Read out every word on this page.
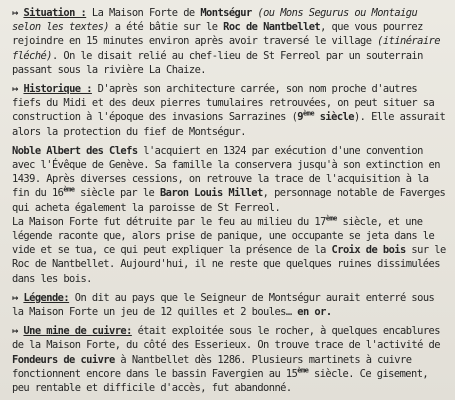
↦ Situation : La Maison Forte de Montségur (ou Mons Segurus ou Montaigu selon les textes) a été bâtie sur le Roc de Nantbellet, que vous pourrez rejoindre en 15 minutes environ après avoir traversé le village (itinéraire fléché). On le disait relié au chef-lieu de St Ferreol par un souterrain passant sous la rivière La Chaize.

↦ Historique : D'après son architecture carrée, son nom proche d'autres fiefs du Midi et des deux pierres tumulaires retrouvées, on peut situer sa construction à l'époque des invasions Sarrazines (9ème siècle). Elle assurait alors la protection du fief de Montségur.

Noble Albert des Clefs l'acquiert en 1324 par exécution d'une convention avec l'Évêque de Genève. Sa famille la conservera jusqu'à son extinction en 1439. Après diverses cessions, on retrouve la trace de l'acquisition à la fin du 16ème siècle par le Baron Louis Millet, personnage notable de Faverges qui acheta également la paroisse de St Ferreol.

La Maison Forte fut détruite par le feu au milieu du 17ème siècle, et une légende raconte que, alors prise de panique, une occupante se jeta dans le vide et se tua, ce qui peut expliquer la présence de la Croix de bois sur le Roc de Nantbellet. Aujourd'hui, il ne reste que quelques ruines dissimulées dans les bois.

↦ Légende: On dit au pays que le Seigneur de Montségur aurait enterré sous la Maison Forte un jeu de 12 quilles et 2 boules… en or.

↦ Une mine de cuivre: était exploitée sous le rocher, à quelques encablures de la Maison Forte, du côté des Esserieux. On trouve trace de l'activité de Fondeurs de cuivre à Nantbellet dès 1286. Plusieurs martinets à cuivre fonctionnent encore dans le bassin Favergien au 15ème siècle. Ce gisement, peu rentable et difficile d'accès, fut abandonné.
